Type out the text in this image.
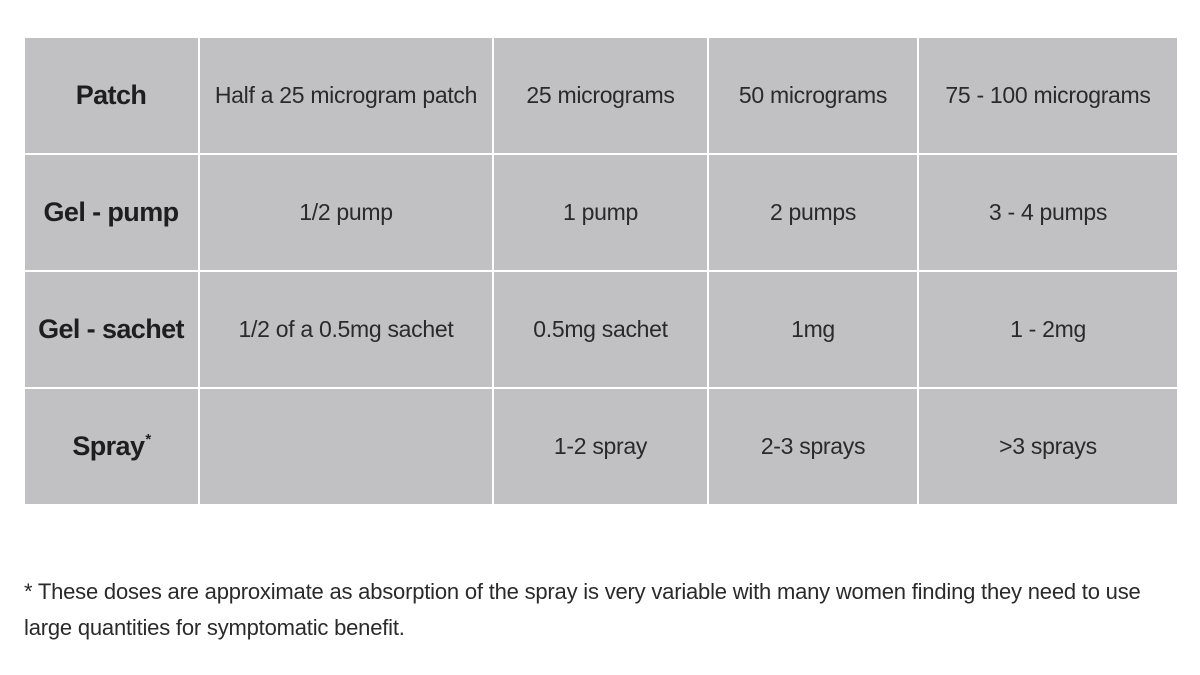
Patch	Half a 25 microgram patch	25 micrograms	50 micrograms	75 - 100 micrograms
Gel - pump	1/2 pump	1 pump	2 pumps	3 - 4 pumps
Gel - sachet	1/2 of a 0.5mg sachet	0.5mg sachet	1mg	1 - 2mg
Spray*		1-2 spray	2-3 sprays	>3 sprays

* These doses are approximate as absorption of the spray is very variable with many women finding they need to use large quantities for symptomatic benefit.
